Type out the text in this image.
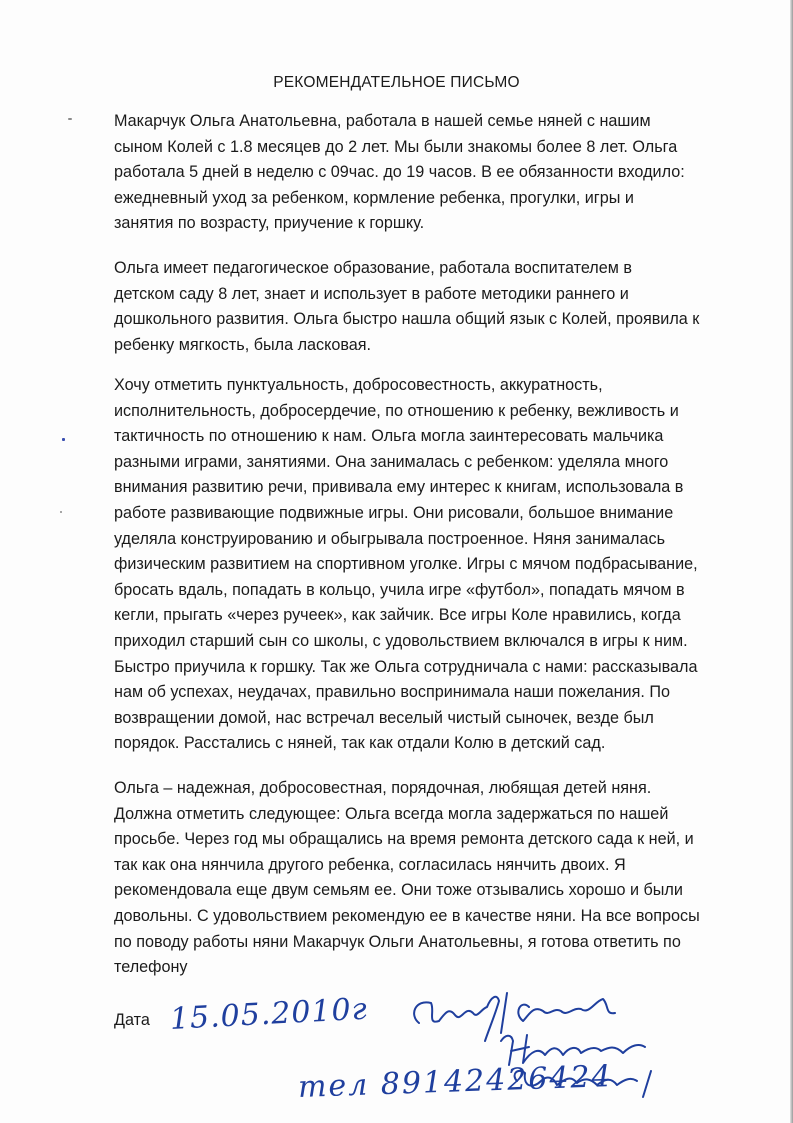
РЕКОМЕНДАТЕЛЬНОЕ ПИСЬМО

Макарчук Ольга Анатольевна, работала в нашей семье няней с нашим
сыном Колей с 1.8 месяцев до 2 лет. Мы были знакомы более 8 лет. Ольга
работала 5 дней в неделю с 09час. до 19 часов. В ее обязанности входило:
ежедневный уход за ребенком, кормление ребенка, прогулки, игры и
занятия по возрасту, приучение к горшку.

Ольга имеет педагогическое образование, работала воспитателем в
детском саду 8 лет, знает и использует в работе методики раннего и
дошкольного развития. Ольга быстро нашла общий язык с Колей, проявила к
ребенку мягкость, была ласковая.

Хочу отметить пунктуальность, добросовестность, аккуратность,
исполнительность, добросердечие, по отношению к ребенку, вежливость и
тактичность по отношению к нам. Ольга могла заинтересовать мальчика
разными играми, занятиями. Она занималась с ребенком: уделяла много
внимания развитию речи, прививала ему интерес к книгам, использовала в
работе развивающие подвижные игры. Они рисовали, большое внимание
уделяла конструированию и обыгрывала построенное. Няня занималась
физическим развитием на спортивном уголке. Игры с мячом подбрасывание,
бросать вдаль, попадать в кольцо, учила игре «футбол», попадать мячом в
кегли, прыгать «через ручеек», как зайчик. Все игры Коле нравились, когда
приходил старший сын со школы, с удовольствием включался в игры к ним.
Быстро приучила к горшку. Так же Ольга сотрудничала с нами: рассказывала
нам об успехах, неудачах, правильно воспринимала наши пожелания. По
возвращении домой, нас встречал веселый чистый сыночек, везде был
порядок. Расстались с няней, так как отдали Колю в детский сад.

Ольга – надежная, добросовестная, порядочная, любящая детей няня.
Должна отметить следующее: Ольга всегда могла задержаться по нашей
просьбе. Через год мы обращались на время ремонта детского сада к ней, и
так как она нянчила другого ребенка, согласилась нянчить двоих. Я
рекомендовала еще двум семьям ее. Они тоже отзывались хорошо и были
довольны. С удовольствием рекомендую ее в качестве няни. На все вопросы
по поводу работы няни Макарчук Ольги Анатольевны, я готова ответить по
телефону

Дата 15.05.2010г
тел 89142426424
